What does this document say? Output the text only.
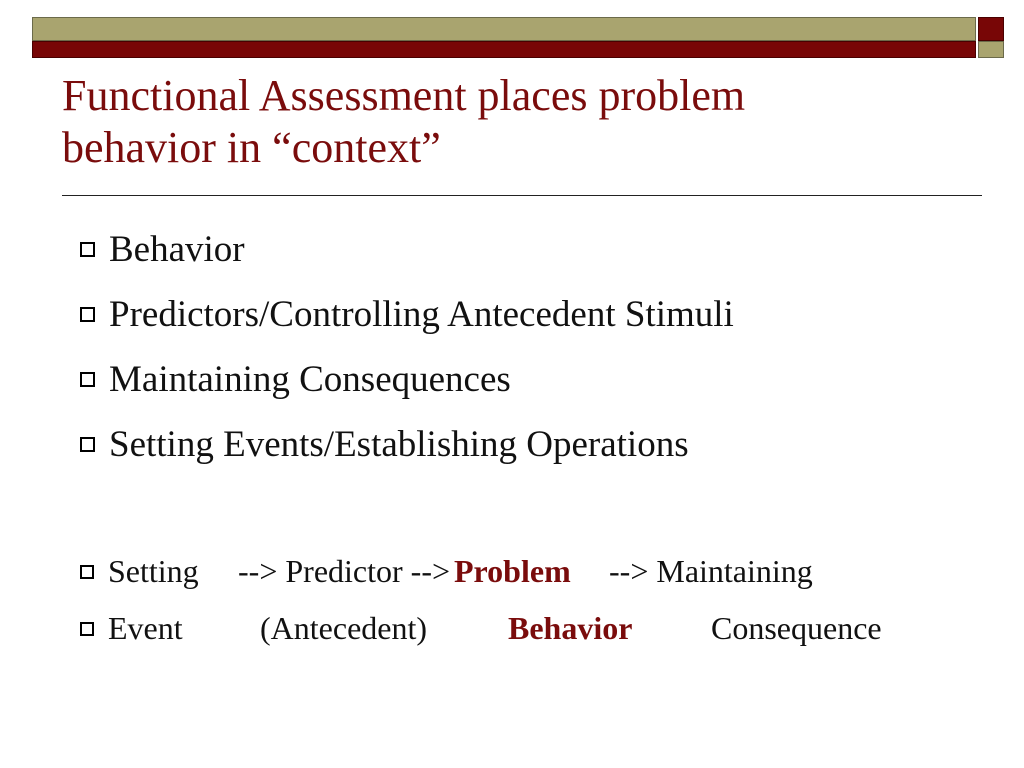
Functional Assessment places problem
behavior in “context”
Behavior
Predictors/Controlling Antecedent Stimuli
Maintaining Consequences
Setting Events/Establishing Operations
Setting --> Predictor --> Problem --> Maintaining
Event (Antecedent)	Behavior Consequence
